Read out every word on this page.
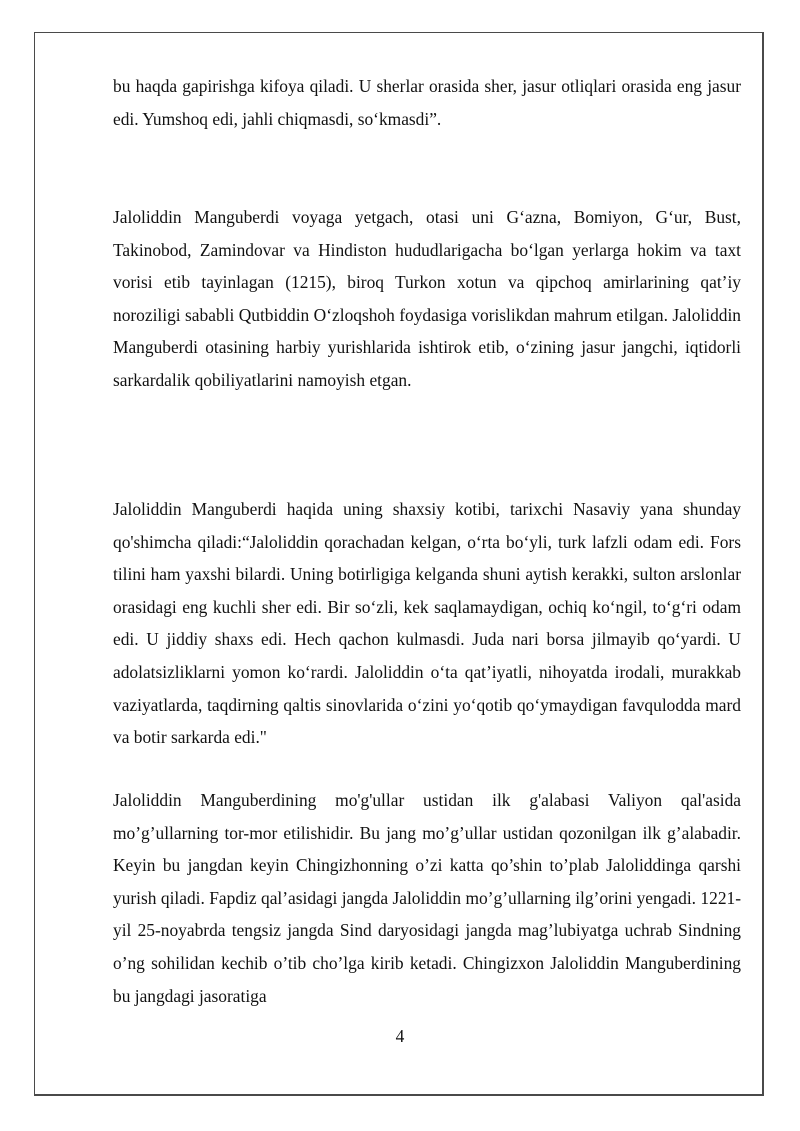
bu haqda gapirishga kifoya qiladi. U sherlar orasida sher, jasur otliqlari orasida eng jasur edi. Yumshoq edi, jahli chiqmasdi, so‘kmasdi”.

Jaloliddin Manguberdi voyaga yetgach, otasi uni G‘azna, Bomiyon, G‘ur, Bust, Takinobod, Zamindovar va Hindiston hududlarigacha bo‘lgan yerlarga hokim va taxt vorisi etib tayinlagan (1215), biroq Turkon xotun va qipchoq amirlarining qat’iy noroziligi sababli Qutbiddin O‘zloqshoh foydasiga vorislikdan mahrum etilgan. Jaloliddin Manguberdi otasining harbiy yurishlarida ishtirok etib, o‘zining jasur jangchi, iqtidorli sarkardalik qobiliyatlarini namoyish etgan.

Jaloliddin Manguberdi haqida uning shaxsiy kotibi, tarixchi Nasaviy yana shunday qo'shimcha qiladi:“Jaloliddin qorachadan kelgan, o‘rta bo‘yli, turk lafzli odam edi. Fors tilini ham yaxshi bilardi. Uning botirligiga kelganda shuni aytish kerakki, sulton arslonlar orasidagi eng kuchli sher edi. Bir so‘zli, kek saqlamaydigan, ochiq ko‘ngil, to‘g‘ri odam edi. U jiddiy shaxs edi. Hech qachon kulmasdi. Juda nari borsa jilmayib qo‘yardi. U adolatsizliklarni yomon ko‘rardi. Jaloliddin o‘ta qat’iyatli, nihoyatda irodali, murakkab vaziyatlarda, taqdirning qaltis sinovlarida o‘zini yo‘qotib qo‘ymaydigan favqulodda mard va botir sarkarda edi."

Jaloliddin Manguberdining mo'g'ullar ustidan ilk g'alabasi Valiyon qal'asida mo’g’ullarning tor-mor etilishidir. Bu jang mo’g’ullar ustidan qozonilgan ilk g’alabadir. Keyin bu jangdan keyin Chingizhonning o’zi katta qo’shin to’plab Jaloliddinga qarshi yurish qiladi. Fapdiz qal’asidagi jangda Jaloliddin mo’g’ullarning ilg’orini yengadi. 1221-yil 25-noyabrda tengsiz jangda Sind daryosidagi jangda mag’lubiyatga uchrab Sindning o’ng sohilidan kechib o’tib cho’lga kirib ketadi. Chingizxon Jaloliddin Manguberdining bu jangdagi jasoratiga

4
